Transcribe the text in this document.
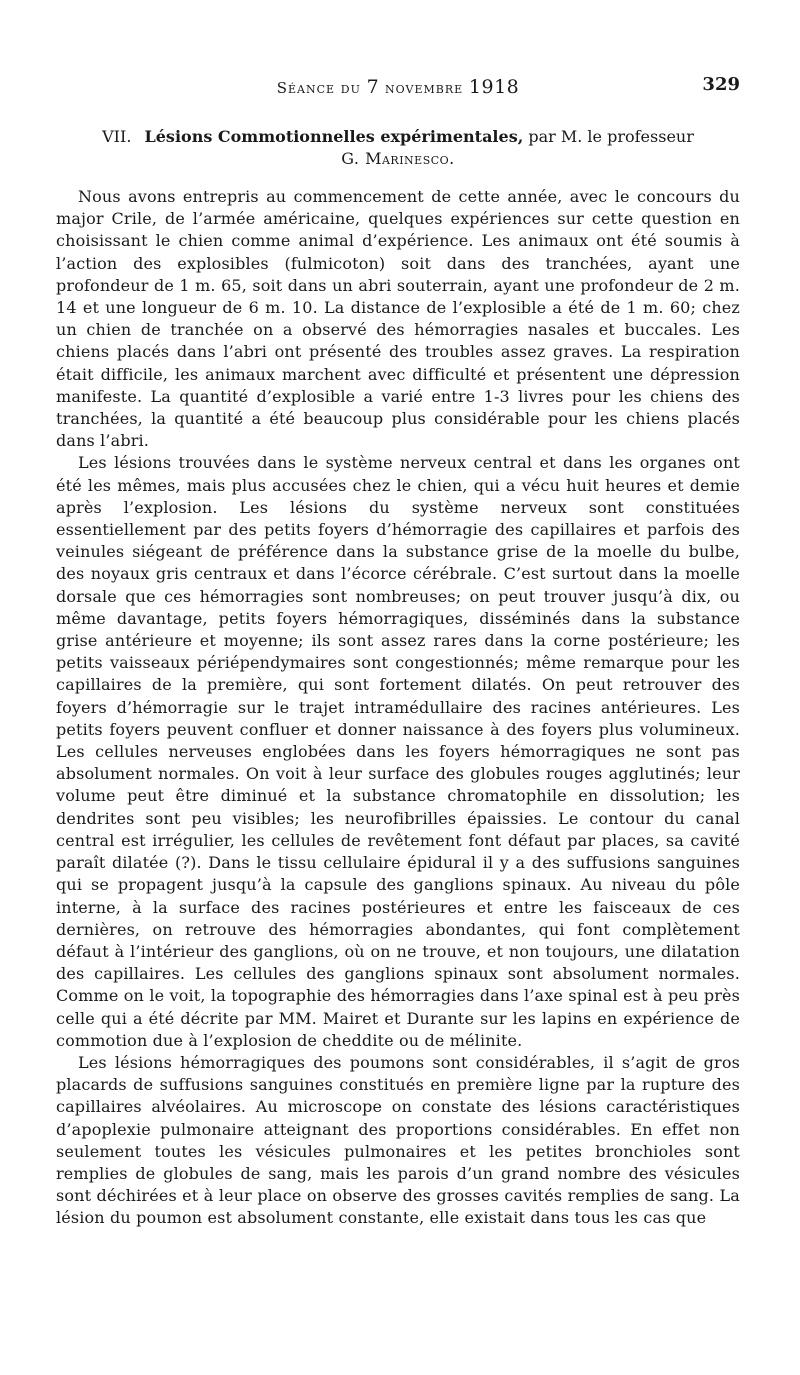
Séance du 7 novembre 1918	329
VII. Lésions Commotionnelles expérimentales, par M. le professeur
G. Marinesco.

Nous avons entrepris au commencement de cette année, avec le concours du major Crile, de l’armée américaine, quelques expériences sur cette question en choisissant le chien comme animal d’expérience. Les animaux ont été soumis à l’action des explosibles (fulmicoton) soit dans des tranchées, ayant une profondeur de 1 m. 65, soit dans un abri souterrain, ayant une profondeur de 2 m. 14 et une longueur de 6 m. 10. La distance de l’explosible a été de 1 m. 60; chez un chien de tranchée on a observé des hémorragies nasales et buccales. Les chiens placés dans l’abri ont présenté des troubles assez graves. La respiration était difficile, les animaux marchent avec difficulté et présentent une dépression manifeste. La quantité d’explosible a varié entre 1-3 livres pour les chiens des tranchées, la quantité a été beaucoup plus considérable pour les chiens placés dans l’abri.

Les lésions trouvées dans le système nerveux central et dans les organes ont été les mêmes, mais plus accusées chez le chien, qui a vécu huit heures et demie après l’explosion. Les lésions du système nerveux sont constituées essentiellement par des petits foyers d’hémorragie des capillaires et parfois des veinules siégeant de préférence dans la substance grise de la moelle du bulbe, des noyaux gris centraux et dans l’écorce cérébrale. C’est surtout dans la moelle dorsale que ces hémorragies sont nombreuses; on peut trouver jusqu’à dix, ou même davantage, petits foyers hémorragiques, disséminés dans la substance grise antérieure et moyenne; ils sont assez rares dans la corne postérieure; les petits vaisseaux périépendymaires sont congestionnés; même remarque pour les capillaires de la première, qui sont fortement dilatés. On peut retrouver des foyers d’hémorragie sur le trajet intramédullaire des racines antérieures. Les petits foyers peuvent confluer et donner naissance à des foyers plus volumineux. Les cellules nerveuses englobées dans les foyers hémorragiques ne sont pas absolument normales. On voit à leur surface des globules rouges agglutinés; leur volume peut être diminué et la substance chromatophile en dissolution; les dendrites sont peu visibles; les neurofibrilles épaissies. Le contour du canal central est irrégulier, les cellules de revêtement font défaut par places, sa cavité paraît dilatée (?). Dans le tissu cellulaire épidural il y a des suffusions sanguines qui se propagent jusqu’à la capsule des ganglions spinaux. Au niveau du pôle interne, à la surface des racines postérieures et entre les faisceaux de ces dernières, on retrouve des hémorragies abondantes, qui font complètement défaut à l’intérieur des ganglions, où on ne trouve, et non toujours, une dilatation des capillaires. Les cellules des ganglions spinaux sont absolument normales. Comme on le voit, la topographie des hémorragies dans l’axe spinal est à peu près celle qui a été décrite par MM. Mairet et Durante sur les lapins en expérience de commotion due à l’explosion de cheddite ou de mélinite.

Les lésions hémorragiques des poumons sont considérables, il s’agit de gros placards de suffusions sanguines constitués en première ligne par la rupture des capillaires alvéolaires. Au microscope on constate des lésions caractéristiques d’apoplexie pulmonaire atteignant des proportions considérables. En effet non seulement toutes les vésicules pulmonaires et les petites bronchioles sont remplies de globules de sang, mais les parois d’un grand nombre des vésicules sont déchirées et à leur place on observe des grosses cavités remplies de sang. La lésion du poumon est absolument constante, elle existait dans tous les cas que
